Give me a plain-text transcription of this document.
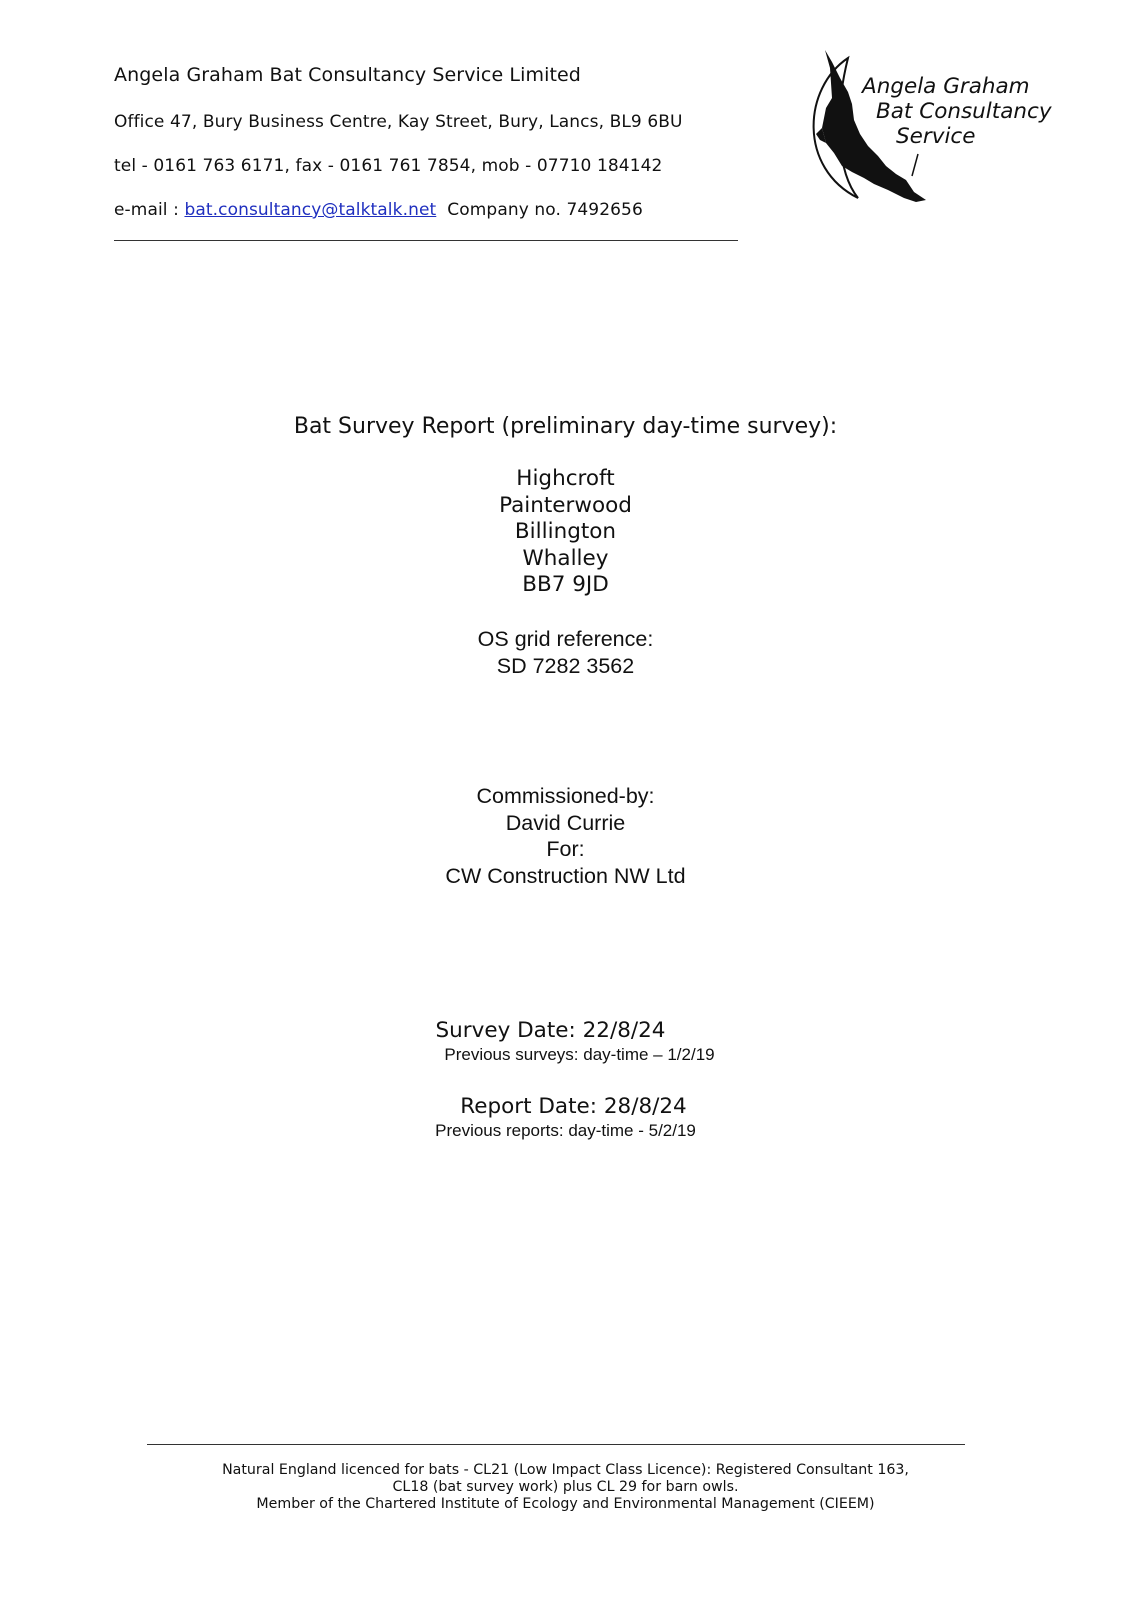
Angela Graham Bat Consultancy Service Limited
Office 47, Bury Business Centre, Kay Street, Bury, Lancs, BL9 6BU
tel - 0161 763 6171, fax - 0161 761 7854, mob - 07710 184142
e-mail : bat.consultancy@talktalk.net Company no. 7492656
Angela Graham
Bat Consultancy
Service
Bat Survey Report (preliminary day-time survey):
Highcroft
Painterwood
Billington
Whalley
BB7 9JD
OS grid reference:
SD 7282 3562
Commissioned-by:
David Currie
For:
CW Construction NW Ltd
Survey Date: 22/8/24
Previous surveys: day-time – 1/2/19
Report Date: 28/8/24
Previous reports: day-time - 5/2/19
Natural England licenced for bats - CL21 (Low Impact Class Licence): Registered Consultant 163,
CL18 (bat survey work) plus CL 29 for barn owls.
Member of the Chartered Institute of Ecology and Environmental Management (CIEEM)
